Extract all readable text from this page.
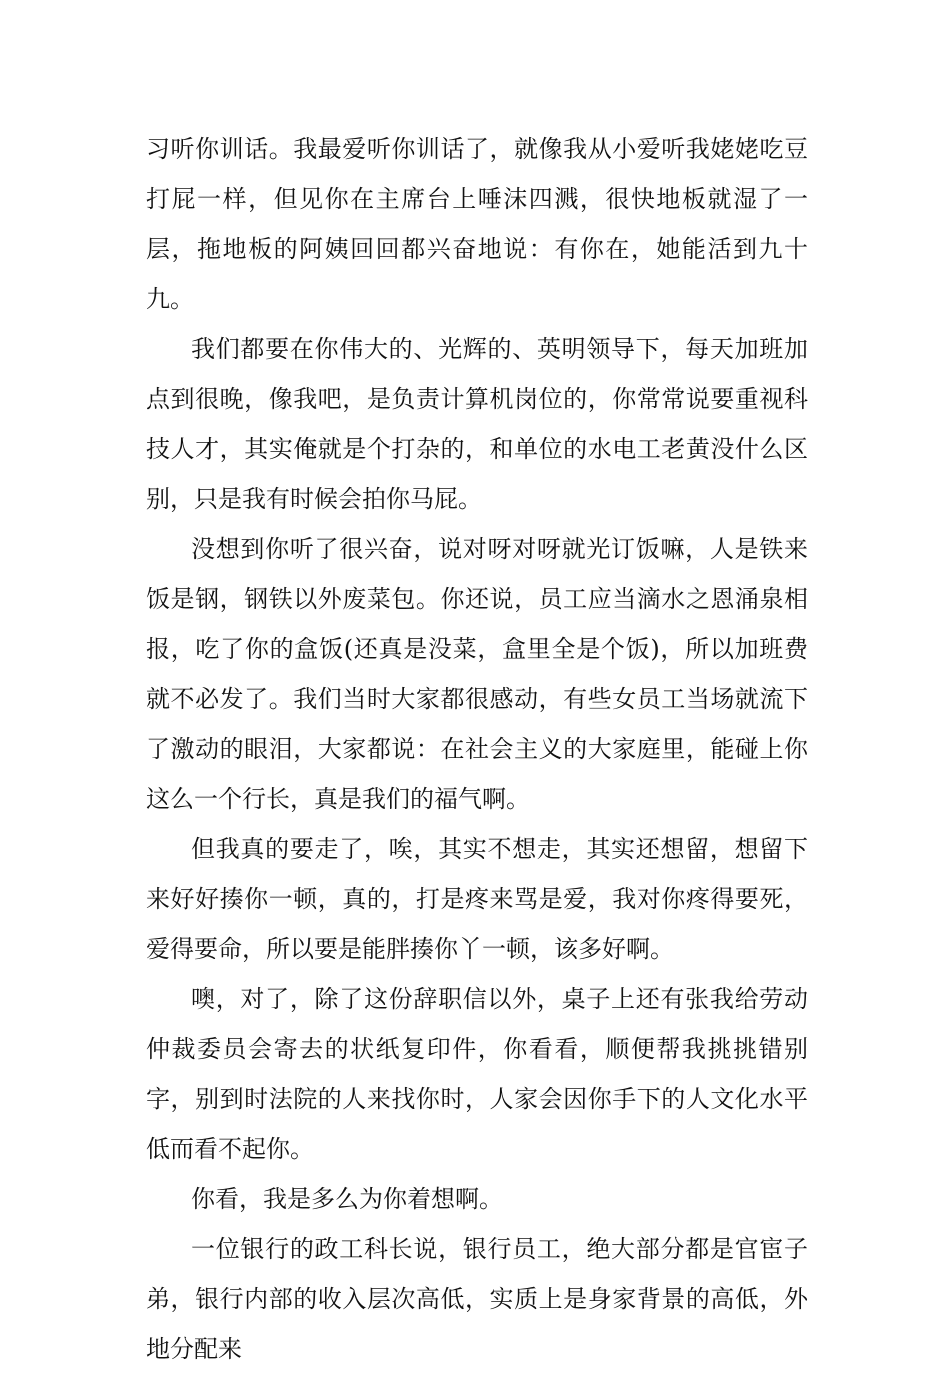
习听你训话。我最爱听你训话了，就像我从小爱听我姥姥吃豆打屁一样，但见你在主席台上唾沫四溅，很快地板就湿了一层，拖地板的阿姨回回都兴奋地说：有你在，她能活到九十九。

我们都要在你伟大的、光辉的、英明领导下，每天加班加点到很晚，像我吧，是负责计算机岗位的，你常常说要重视科技人才，其实俺就是个打杂的，和单位的水电工老黄没什么区别，只是我有时候会拍你马屁。

没想到你听了很兴奋，说对呀对呀就光订饭嘛，人是铁来饭是钢，钢铁以外废菜包。你还说，员工应当滴水之恩涌泉相报，吃了你的盒饭(还真是没菜，盒里全是个饭)，所以加班费就不必发了。我们当时大家都很感动，有些女员工当场就流下了激动的眼泪，大家都说：在社会主义的大家庭里，能碰上你这么一个行长，真是我们的福气啊。

但我真的要走了，唉，其实不想走，其实还想留，想留下来好好揍你一顿，真的，打是疼来骂是爱，我对你疼得要死，爱得要命，所以要是能胖揍你丫一顿，该多好啊。

噢，对了，除了这份辞职信以外，桌子上还有张我给劳动仲裁委员会寄去的状纸复印件，你看看，顺便帮我挑挑错别字，别到时法院的人来找你时，人家会因你手下的人文化水平低而看不起你。

你看，我是多么为你着想啊。

一位银行的政工科长说，银行员工，绝大部分都是官宦子弟，银行内部的收入层次高低，实质上是身家背景的高低，外地分配来
